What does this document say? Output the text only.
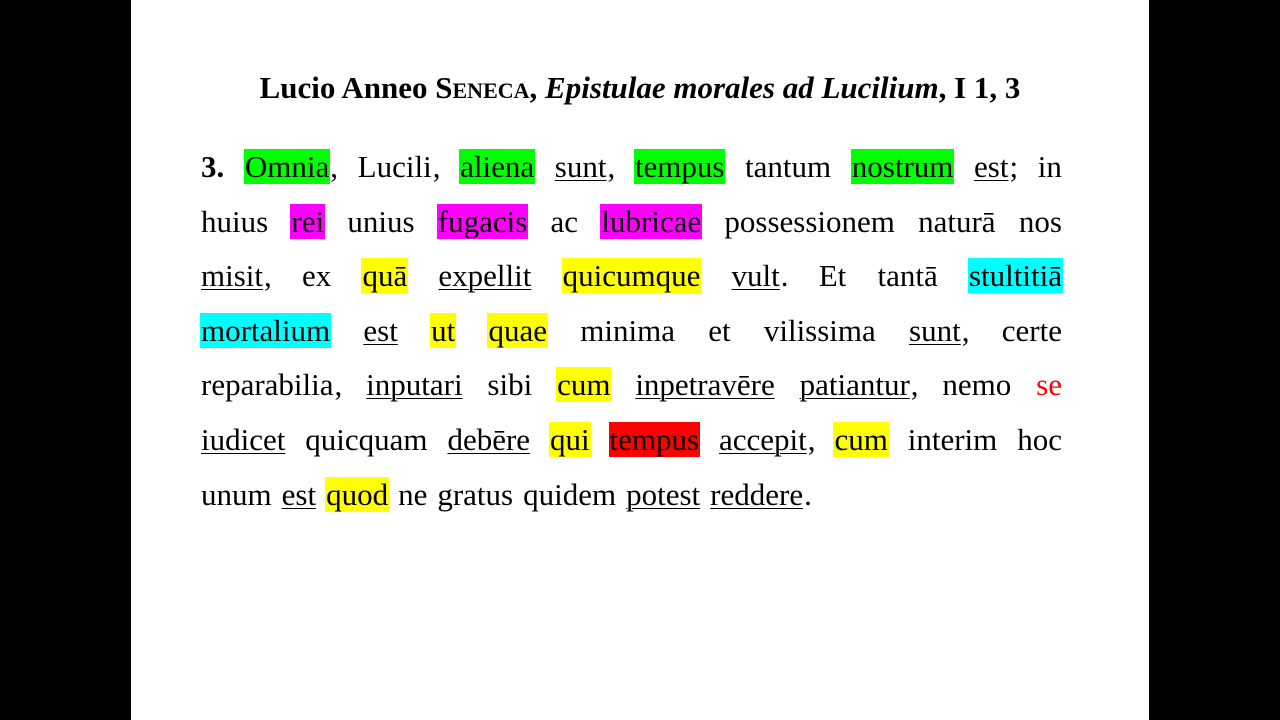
Lucio Anneo Seneca, Epistulae morales ad Lucilium, I 1, 3
3. Omnia, Lucili, aliena sunt, tempus tantum nostrum est; in
huius rei unius fugacis ac lubricae possessionem naturā nos
misit, ex quā expellit quicumque vult. Et tantā stultitiā
mortalium est ut quae minima et vilissima sunt, certe
reparabilia, inputari sibi cum inpetravēre patiantur, nemo se
iudicet quicquam debēre qui tempus accepit, cum interim hoc
unum est quod ne gratus quidem potest reddere.
